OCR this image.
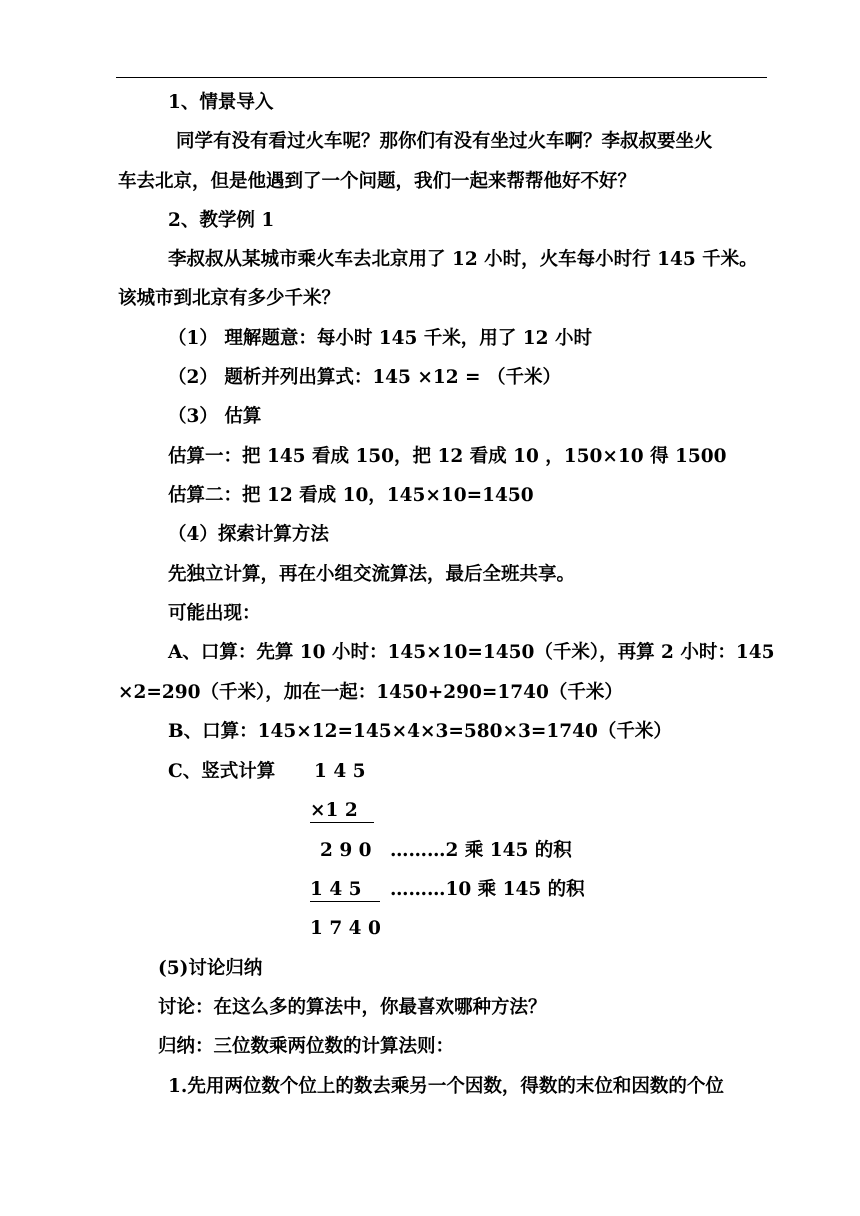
1、情景导入
同学有没有看过火车呢？那你们有没有坐过火车啊？李叔叔要坐火
车去北京，但是他遇到了一个问题，我们一起来帮帮他好不好？
2、教学例 1
李叔叔从某城市乘火车去北京用了 12 小时，火车每小时行 145 千米。
该城市到北京有多少千米？
（1） 理解题意：每小时 145 千米，用了 12 小时
（2） 题析并列出算式：145 ×12 = （千米）
（3） 估算
估算一：把 145 看成 150，把 12 看成 10 ，150×10 得 1500
估算二：把 12 看成 10，145×10=1450
（4）探索计算方法
先独立计算，再在小组交流算法，最后全班共享。
可能出现：
A、口算：先算 10 小时：145×10=1450（千米），再算 2 小时：145
×2=290（千米），加在一起：1450+290=1740（千米）
B、口算：145×12=145×4×3=580×3=1740（千米）
C、竖式计算 1 4 5
×1 2
2 9 0 ………2 乘 145 的积
1 4 5	………10 乘 145 的积
1 7 4 0
(5)讨论归纳
讨论：在这么多的算法中，你最喜欢哪种方法？
归纳：三位数乘两位数的计算法则：
1.先用两位数个位上的数去乘另一个因数，得数的末位和因数的个位
